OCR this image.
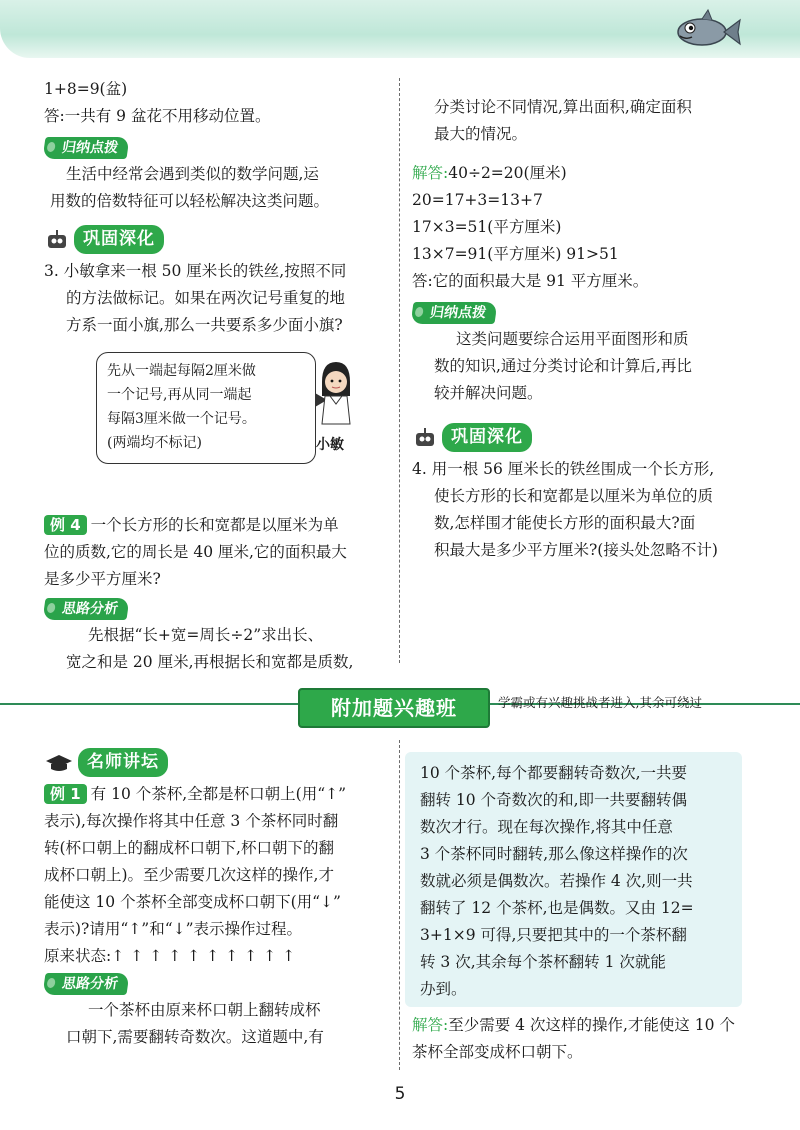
1+8=9(盆)

答:一共有 9 盆花不用移动位置。

归纳点拨

生活中经常会遇到类似的数学问题,运

用数的倍数特征可以轻松解决这类问题。

巩固深化

3. 小敏拿来一根 50 厘米长的铁丝,按照不同

的方法做标记。如果在两次记号重复的地

方系一面小旗,那么一共要系多少面小旗?

先从一端起每隔2厘米做
一个记号,再从同一端起
每隔3厘米做一个记号。
(两端均不标记)	小敏

例 4 一个长方形的长和宽都是以厘米为单

位的质数,它的周长是 40 厘米,它的面积最大

是多少平方厘米?

思路分析

先根据“长+宽=周长÷2”求出长、

宽之和是 20 厘米,再根据长和宽都是质数,

分类讨论不同情况,算出面积,确定面积

最大的情况。

解答:40÷2=20(厘米)

20=17+3=13+7

17×3=51(平方厘米)

13×7=91(平方厘米) 91>51

答:它的面积最大是 91 平方厘米。

归纳点拨

这类问题要综合运用平面图形和质

数的知识,通过分类讨论和计算后,再比

较并解决问题。

巩固深化

4. 用一根 56 厘米长的铁丝围成一个长方形,

使长方形的长和宽都是以厘米为单位的质

数,怎样围才能使长方形的面积最大?面

积最大是多少平方厘米?(接头处忽略不计)

附加题兴趣班	学霸或有兴趣挑战者进入,其余可绕过
名师讲坛

例 1 有 10 个茶杯,全都是杯口朝上(用“↑”

表示),每次操作将其中任意 3 个茶杯同时翻

转(杯口朝上的翻成杯口朝下,杯口朝下的翻

成杯口朝上)。至少需要几次这样的操作,才

能使这 10 个茶杯全部变成杯口朝下(用“↓”

表示)?请用“↑”和“↓”表示操作过程。

原来状态:↑↑↑↑↑↑↑↑↑↑

思路分析

一个茶杯由原来杯口朝上翻转成杯

口朝下,需要翻转奇数次。这道题中,有

10 个茶杯,每个都要翻转奇数次,一共要

翻转 10 个奇数次的和,即一共要翻转偶

数次才行。现在每次操作,将其中任意

3 个茶杯同时翻转,那么像这样操作的次

数就必须是偶数次。若操作 4 次,则一共

翻转了 12 个茶杯,也是偶数。又由 12=

3+1×9 可得,只要把其中的一个茶杯翻

转 3 次,其余每个茶杯翻转 1 次就能

办到。

解答:至少需要 4 次这样的操作,才能使这 10 个

茶杯全部变成杯口朝下。

5
